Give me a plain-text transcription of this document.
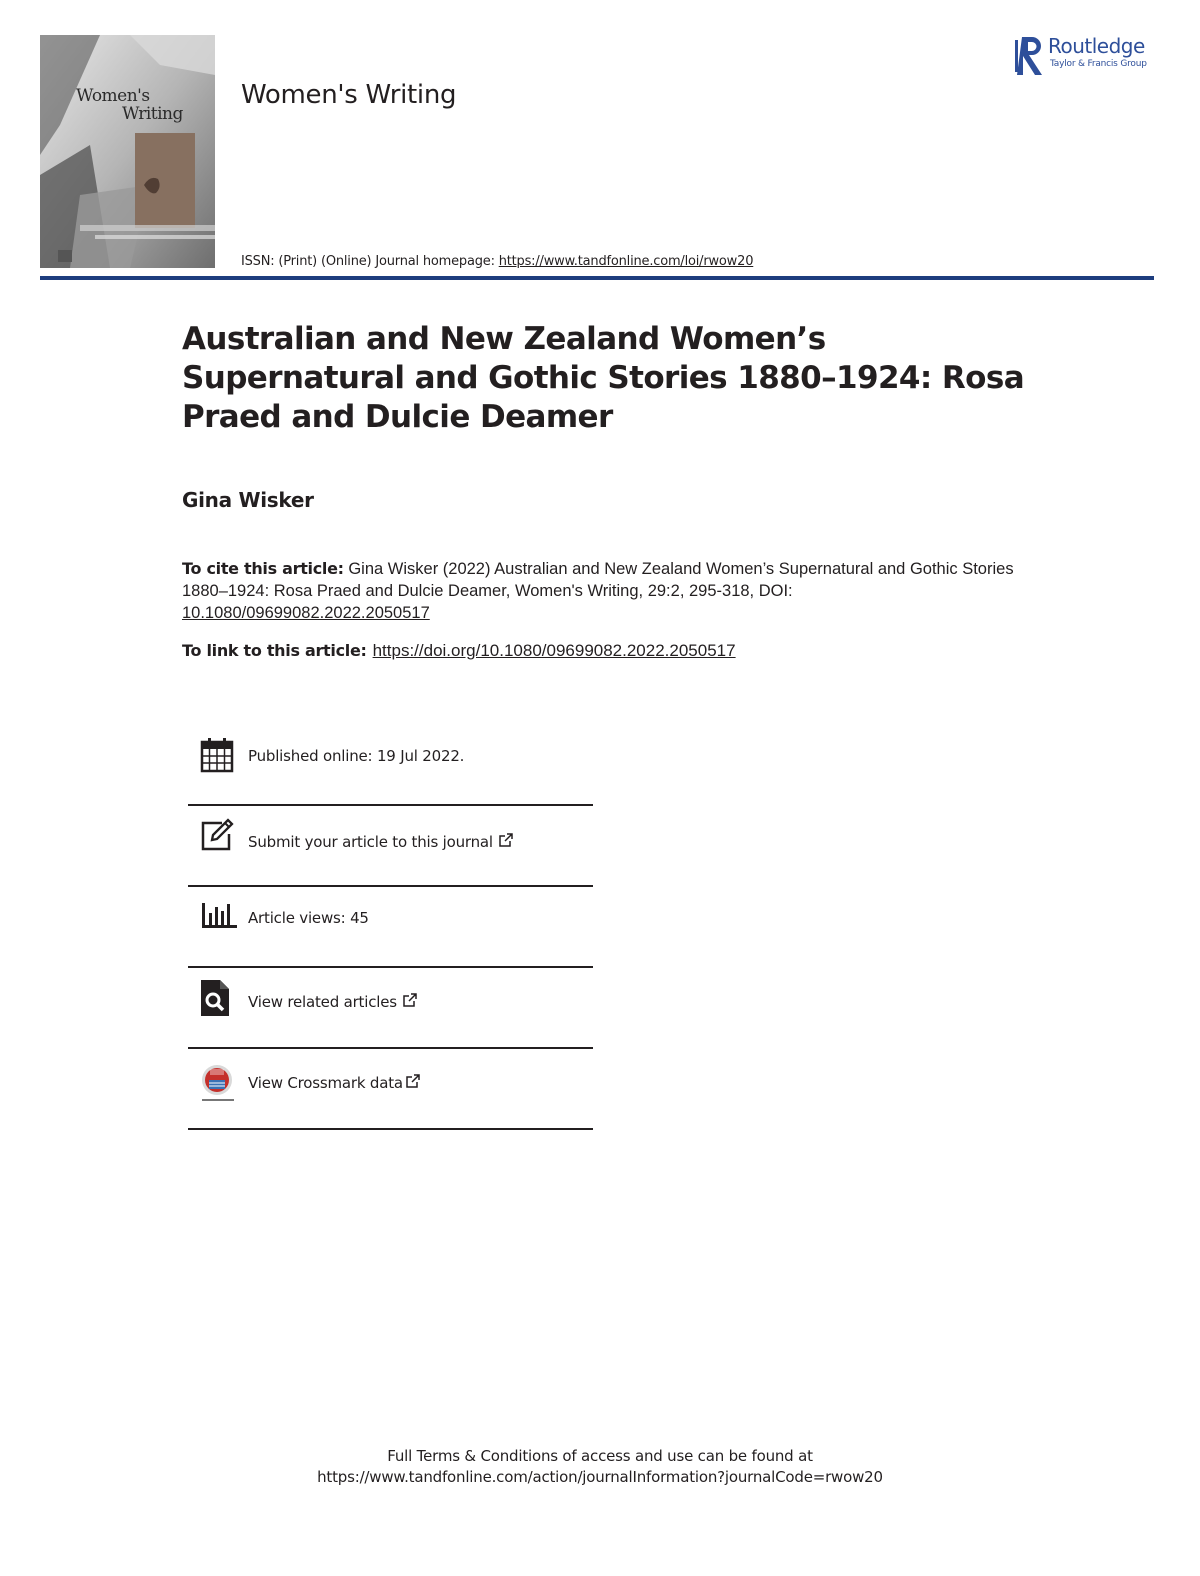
Women's
Writing
Women's Writing
ISSN: (Print) (Online) Journal homepage: https://www.tandfonline.com/loi/rwow20
Routledge
Taylor & Francis Group
Australian and New Zealand Women’s Supernatural and Gothic Stories 1880–1924: Rosa Praed and Dulcie Deamer
Gina Wisker
To cite this article: Gina Wisker (2022) Australian and New Zealand Women’s Supernatural and Gothic Stories 1880–1924: Rosa Praed and Dulcie Deamer, Women's Writing, 29:2, 295-318, DOI: 10.1080/09699082.2022.2050517
To link to this article: https://doi.org/10.1080/09699082.2022.2050517
Published online: 19 Jul 2022.
Submit your article to this journal
Article views: 45
View related articles
View Crossmark data
Full Terms & Conditions of access and use can be found at
https://www.tandfonline.com/action/journalInformation?journalCode=rwow20
